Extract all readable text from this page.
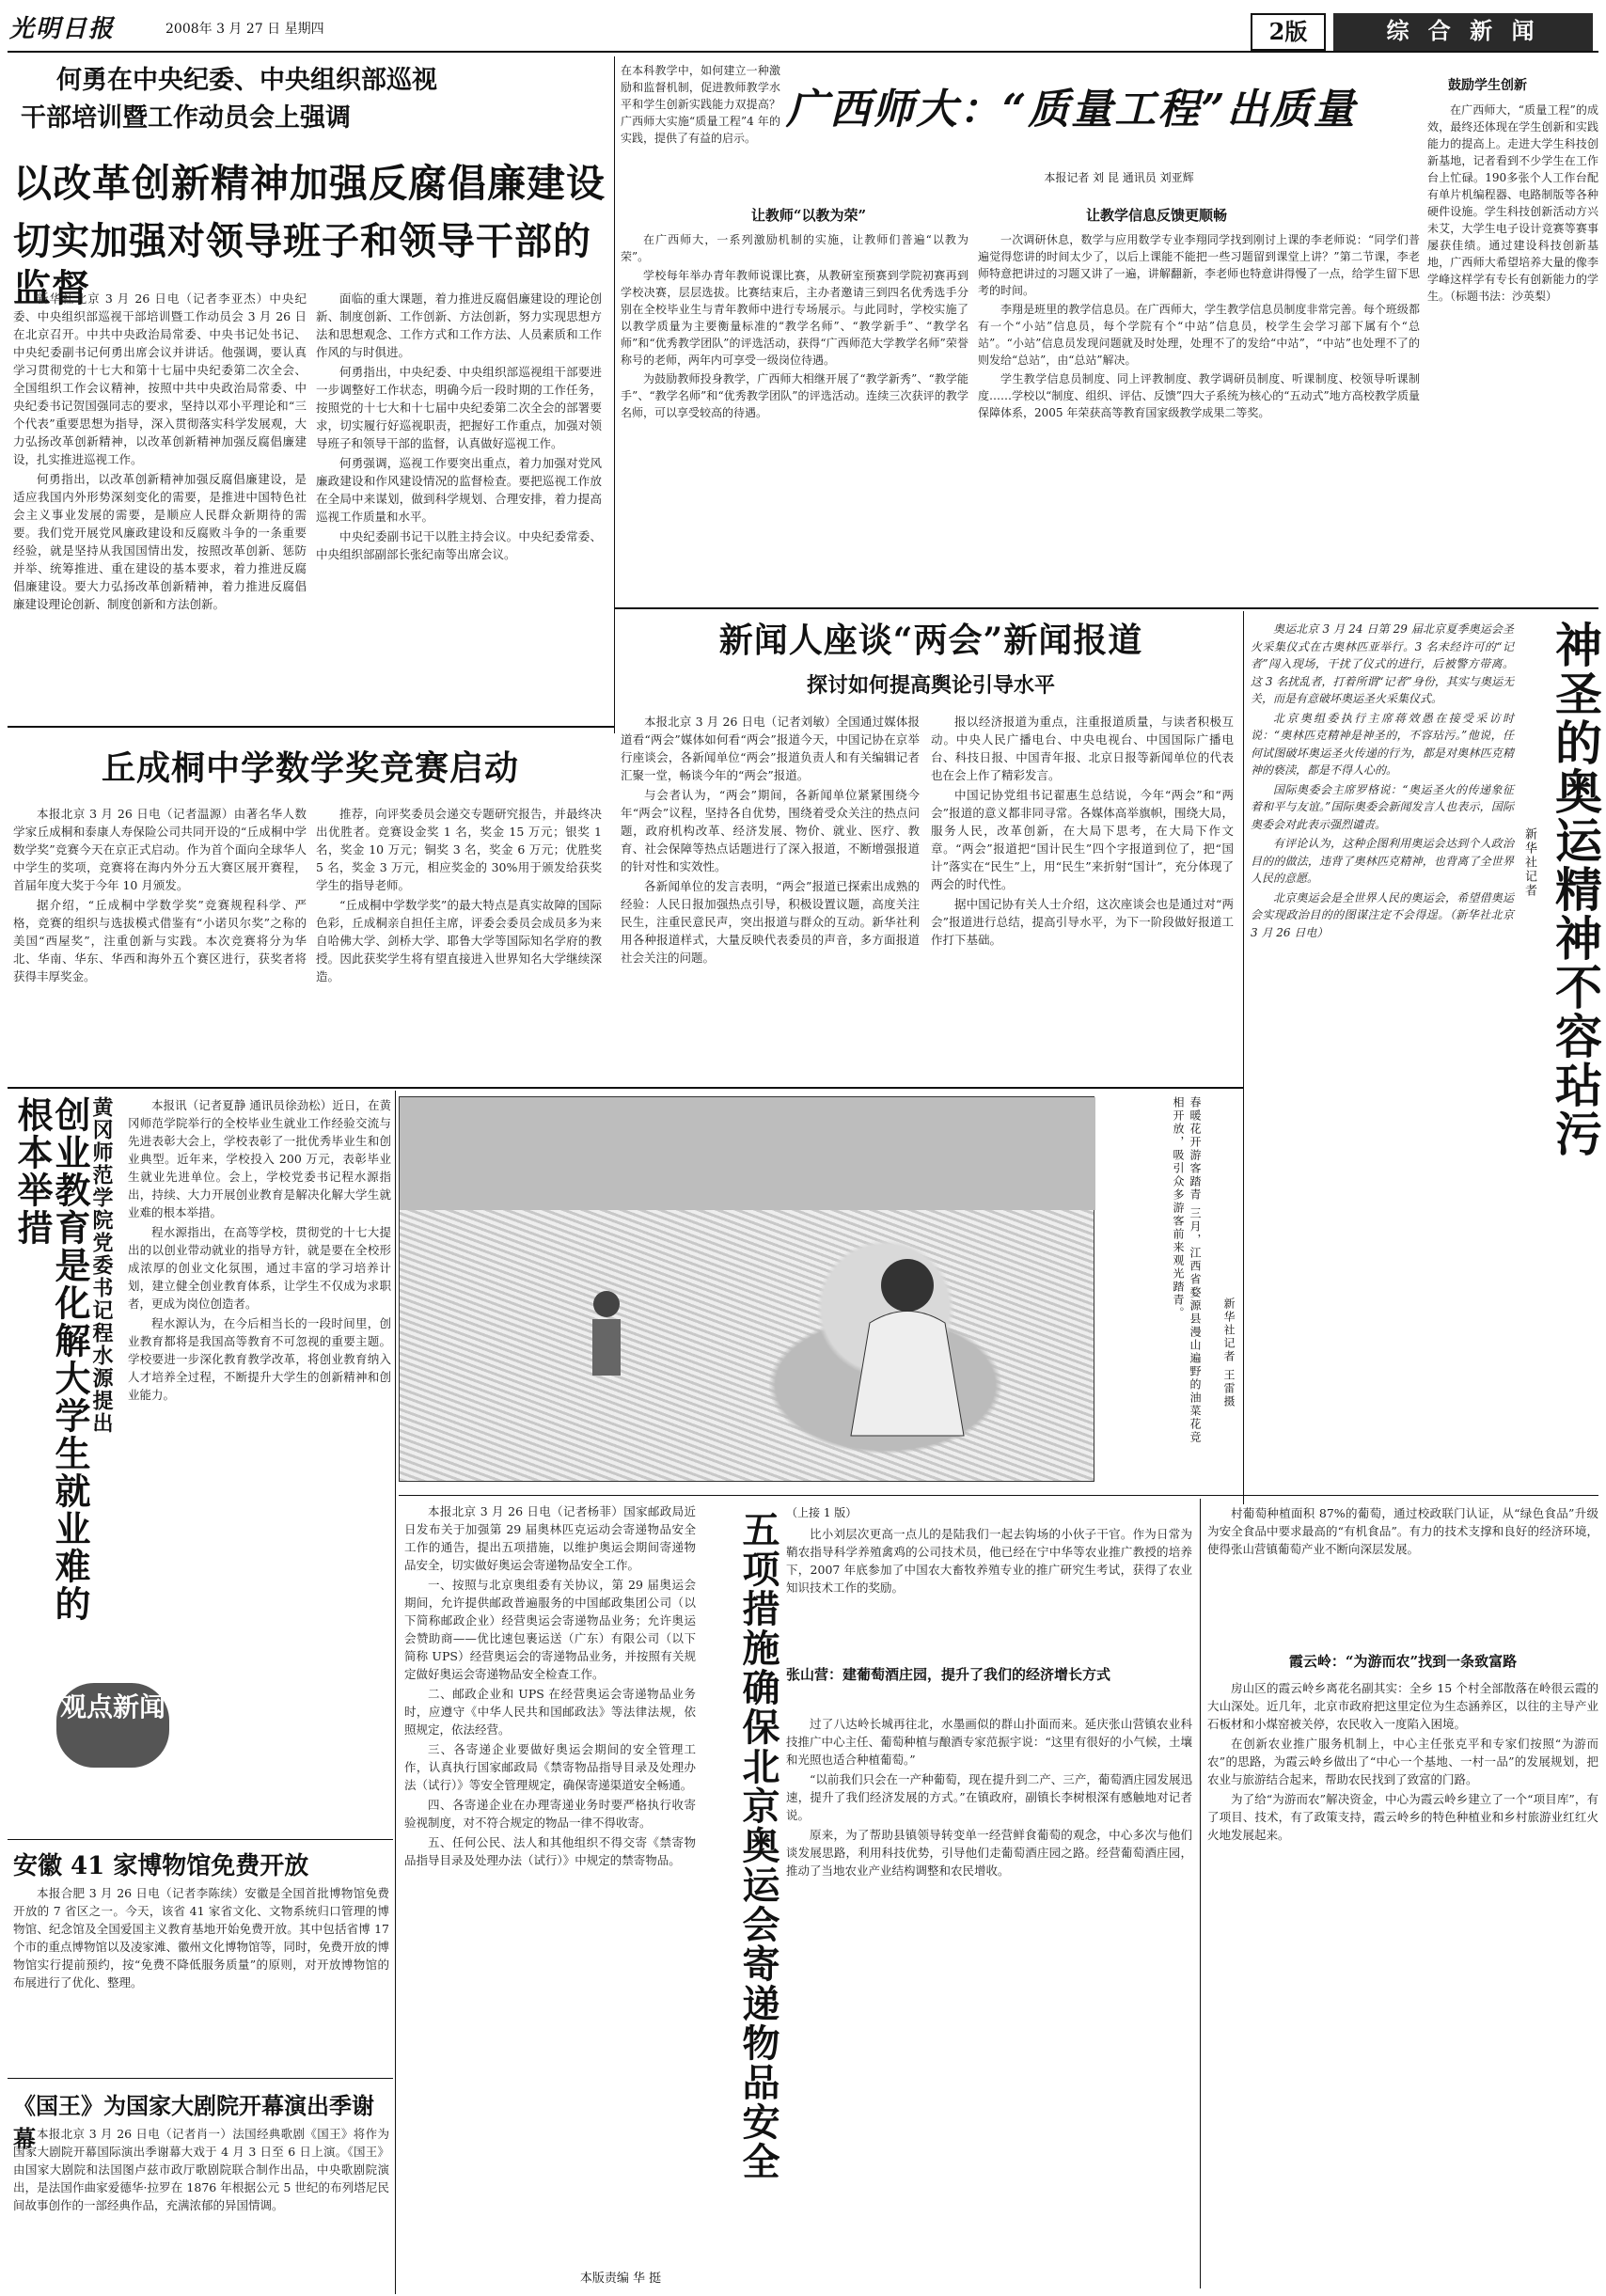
光明日报	2008年 3 月 27 日 星期四	2版	综 合 新 闻
何勇在中央纪委、中央组织部巡视
干部培训暨工作动员会上强调
以改革创新精神加强反腐倡廉建设
切实加强对领导班子和领导干部的监督

新华社北京 3 月 26 日电（记者李亚杰）中央纪委、中央组织部巡视干部培训暨工作动员会 3 月 26 日在北京召开。中共中央政治局常委、中央书记处书记、中央纪委副书记何勇出席会议并讲话。他强调，要认真学习贯彻党的十七大和第十七届中央纪委第二次全会、全国组织工作会议精神，按照中共中央政治局常委、中央纪委书记贺国强同志的要求，坚持以邓小平理论和“三个代表”重要思想为指导，深入贯彻落实科学发展观，大力弘扬改革创新精神，以改革创新精神加强反腐倡廉建设，扎实推进巡视工作。

何勇指出，以改革创新精神加强反腐倡廉建设，是适应我国内外形势深刻变化的需要，是推进中国特色社会主义事业发展的需要，是顺应人民群众新期待的需要。我们党开展党风廉政建设和反腐败斗争的一条重要经验，就是坚持从我国国情出发，按照改革创新、惩防并举、统筹推进、重在建设的基本要求，着力推进反腐倡廉建设。要大力弘扬改革创新精神，着力推进反腐倡廉建设理论创新、制度创新和方法创新。

面临的重大课题，着力推进反腐倡廉建设的理论创新、制度创新、工作创新、方法创新，努力实现思想方法和思想观念、工作方式和工作方法、人员素质和工作作风的与时俱进。

何勇指出，中央纪委、中央组织部巡视组干部要进一步调整好工作状态，明确今后一段时期的工作任务，按照党的十七大和十七届中央纪委第二次全会的部署要求，切实履行好巡视职责，把握好工作重点，加强对领导班子和领导干部的监督，认真做好巡视工作。

何勇强调，巡视工作要突出重点，着力加强对党风廉政建设和作风建设情况的监督检查。要把巡视工作放在全局中来谋划，做到科学规划、合理安排，着力提高巡视工作质量和水平。

中央纪委副书记干以胜主持会议。中央纪委常委、中央组织部副部长张纪南等出席会议。

在本科教学中，如何建立一种激励和监督机制，促进教师教学水平和学生创新实践能力双提高？广西师大实施“质量工程”4 年的实践，提供了有益的启示。
广西师大：“质量工程”出质量
本报记者 刘 昆 通讯员 刘亚辉
鼓励学生创新
在广西师大，“质量工程”的成效，最终还体现在学生创新和实践能力的提高上。走进大学生科技创新基地，记者看到不少学生在工作台上忙碌。190多张个人工作台配有单片机编程器、电路制版等各种硬件设施。学生科技创新活动方兴未艾，大学生电子设计竞赛等赛事屡获佳绩。通过建设科技创新基地，广西师大希望培养大量的像李学峰这样学有专长有创新能力的学生。（标题书法：沙英梨）
让教师“以教为荣”

在广西师大，一系列激励机制的实施，让教师们普遍“以教为荣”。

学校每年举办青年教师说课比赛，从教研室预赛到学院初赛再到学校决赛，层层选拔。比赛结束后，主办者邀请三到四名优秀选手分别在全校毕业生与青年教师中进行专场展示。与此同时，学校实施了以教学质量为主要衡量标准的“教学名师”、“教学新手”、“教学名师”和“优秀教学团队”的评选活动，获得“广西师范大学教学名师”荣誉称号的老师，两年内可享受一级岗位待遇。

为鼓励教师投身教学，广西师大相继开展了“教学新秀”、“教学能手”、“教学名师”和“优秀教学团队”的评选活动。连续三次获评的教学名师，可以享受较高的待遇。

让教学信息反馈更顺畅

一次调研休息，数学与应用数学专业李翔同学找到刚讨上课的李老师说：“同学们普遍觉得您讲的时间太少了，以后上课能不能把一些习题留到课堂上讲？”第二节课，李老师特意把讲过的习题又讲了一遍，讲解翻新，李老师也特意讲得慢了一点，给学生留下思考的时间。

李翔是班里的教学信息员。在广西师大，学生教学信息员制度非常完善。每个班级都有一个“小站”信息员，每个学院有个“中站”信息员，校学生会学习部下属有个“总站”。“小站”信息员发现问题就及时处理，处理不了的发给“中站”，“中站”也处理不了的则发给“总站”，由“总站”解决。

学生教学信息员制度、同上评教制度、教学调研员制度、听课制度、校领导听课制度……学校以“制度、组织、评估、反馈”四大子系统为核心的“五动式”地方高校教学质量保障体系，2005 年荣获高等教育国家级教学成果二等奖。

新闻人座谈“两会”新闻报道
探讨如何提高舆论引导水平

本报北京 3 月 26 日电（记者刘敏）全国通过媒体报道看“两会”媒体如何看“两会”报道今天，中国记协在京举行座谈会，各新闻单位“两会”报道负责人和有关编辑记者汇聚一堂，畅谈今年的“两会”报道。

与会者认为，“两会”期间，各新闻单位紧紧围绕今年“两会”议程，坚持各自优势，围绕着受众关注的热点问题，政府机构改革、经济发展、物价、就业、医疗、教育、社会保障等热点话题进行了深入报道，不断增强报道的针对性和实效性。

各新闻单位的发言表明，“两会”报道已探索出成熟的经验：人民日报加强热点引导，积极设置议题，高度关注民生，注重民意民声，突出报道与群众的互动。新华社利用各种报道样式，大量反映代表委员的声音，多方面报道社会关注的问题。

报以经济报道为重点，注重报道质量，与读者积极互动。中央人民广播电台、中央电视台、中国国际广播电台、科技日报、中国青年报、北京日报等新闻单位的代表也在会上作了精彩发言。

中国记协党组书记翟惠生总结说，今年“两会”和“两会”报道的意义都非同寻常。各媒体高举旗帜，围绕大局，服务人民，改革创新，在大局下思考，在大局下作文章。“两会”报道把“国计民生”四个字报道到位了，把“国计”落实在“民生”上，用“民生”来折射“国计”，充分体现了两会的时代性。

据中国记协有关人士介绍，这次座谈会也是通过对“两会”报道进行总结，提高引导水平，为下一阶段做好报道工作打下基础。	神圣的奥运精神不容玷污
新华社记者

奥运北京 3 月 24 日第 29 届北京夏季奥运会圣火采集仪式在古奥林匹亚举行。3 名未经许可的“记者”闯入现场，干扰了仪式的进行，后被警方带离。这 3 名扰乱者，打着所谓“记者”身份，其实与奥运无关，而是有意破坏奥运圣火采集仪式。

北京奥组委执行主席蒋效愚在接受采访时说：“奥林匹克精神是神圣的，不容玷污。”他说，任何试图破坏奥运圣火传递的行为，都是对奥林匹克精神的亵渎，都是不得人心的。

国际奥委会主席罗格说：“奥运圣火的传递象征着和平与友谊。”国际奥委会新闻发言人也表示，国际奥委会对此表示强烈谴责。

有评论认为，这种企图利用奥运会达到个人政治目的的做法，违背了奥林匹克精神，也背离了全世界人民的意愿。

北京奥运会是全世界人民的奥运会，希望借奥运会实现政治目的的图谋注定不会得逞。（新华社北京 3 月 26 日电）

丘成桐中学数学奖竞赛启动

本报北京 3 月 26 日电（记者温源）由著名华人数学家丘成桐和泰康人寿保险公司共同开设的“丘成桐中学数学奖”竞赛今天在京正式启动。作为首个面向全球华人中学生的奖项，竞赛将在海内外分五大赛区展开赛程，首届年度大奖于今年 10 月颁发。

据介绍，“丘成桐中学数学奖”竞赛规程科学、严格，竞赛的组织与选拔模式借鉴有“小诺贝尔奖”之称的美国“西屋奖”，注重创新与实践。本次竞赛将分为华北、华南、华东、华西和海外五个赛区进行，获奖者将获得丰厚奖金。

推荐，向评奖委员会递交专题研究报告，并最终决出优胜者。竞赛设金奖 1 名，奖金 15 万元；银奖 1 名，奖金 10 万元；铜奖 3 名，奖金 6 万元；优胜奖 5 名，奖金 3 万元，相应奖金的 30%用于颁发给获奖学生的指导老师。

“丘成桐中学数学奖”的最大特点是真实故障的国际色彩，丘成桐亲自担任主席，评委会委员会成员多为来自哈佛大学、剑桥大学、耶鲁大学等国际知名学府的教授。因此获奖学生将有望直接进入世界知名大学继续深造。

黄冈师范学院党委书记程水源提出
创业教育是化解大学生就业难的根本举措	本报讯（记者夏静 通讯员徐劲松）近日，在黄冈师范学院举行的全校毕业生就业工作经验交流与先进表彰大会上，学校表彰了一批优秀毕业生和创业典型。近年来，学校投入 200 万元，表彰毕业生就业先进单位。会上，学校党委书记程水源指出，持续、大力开展创业教育是解决化解大学生就业难的根本举措。

程水源指出，在高等学校，贯彻党的十七大提出的以创业带动就业的指导方针，就是要在全校形成浓厚的创业文化氛围，通过丰富的学习培养计划，建立健全创业教育体系，让学生不仅成为求职者，更成为岗位创造者。

程水源认为，在今后相当长的一段时间里，创业教育都将是我国高等教育不可忽视的重要主题。学校要进一步深化教育教学改革，将创业教育纳入人才培养全过程，不断提升大学生的创新精神和创业能力。

观点新闻
春暖花开游客踏青 三月，江西省婺源县漫山遍野的油菜花竞相开放，吸引众多游客前来观光踏青。
新华社记者 王雷摄
安徽 41 家博物馆免费开放
本报合肥 3 月 26 日电（记者李陈续）安徽是全国首批博物馆免费开放的 7 省区之一。今天，该省 41 家省文化、文物系统归口管理的博物馆、纪念馆及全国爱国主义教育基地开始免费开放。其中包括省博 17 个市的重点博物馆以及凌家滩、徽州文化博物馆等，同时，免费开放的博物馆实行提前预约，按“免费不降低服务质量”的原则，对开放博物馆的布展进行了优化、整理。
《国王》为国家大剧院开幕演出季谢幕 本报北京 3 月 26 日电（记者肖一）法国经典歌剧《国王》将作为国家大剧院开幕国际演出季谢幕大戏于 4 月 3 日至 6 日上演。《国王》由国家大剧院和法国图卢兹市政厅歌剧院联合制作出品，中央歌剧院演出，是法国作曲家爱德华·拉罗在 1876 年根据公元 5 世纪的布列塔尼民间故事创作的一部经典作品，充满浓郁的异国情调。

本报北京 3 月 26 日电（记者杨菲）国家邮政局近日发布关于加强第 29 届奥林匹克运动会寄递物品安全工作的通告，提出五项措施，以维护奥运会期间寄递物品安全，切实做好奥运会寄递物品安全工作。

一、按照与北京奥组委有关协议，第 29 届奥运会期间，允许提供邮政普遍服务的中国邮政集团公司（以下简称邮政企业）经营奥运会寄递物品业务；允许奥运会赞助商——优比速包裹运送（广东）有限公司（以下简称 UPS）经营奥运会的寄递物品业务，并按照有关规定做好奥运会寄递物品安全检查工作。

二、邮政企业和 UPS 在经营奥运会寄递物品业务时，应遵守《中华人民共和国邮政法》等法律法规，依照规定，依法经营。

三、各寄递企业要做好奥运会期间的安全管理工作，认真执行国家邮政局《禁寄物品指导目录及处理办法（试行）》等安全管理规定，确保寄递渠道安全畅通。

四、各寄递企业在办理寄递业务时要严格执行收寄验视制度，对不符合规定的物品一律不得收寄。

五、任何公民、法人和其他组织不得交寄《禁寄物品指导目录及处理办法（试行）》中规定的禁寄物品。	五项措施确保北京奥运会寄递物品安全
本版责编 华 挺
（上接 1 版）
比小刘层次更高一点儿的是陆我们一起去钩场的小伙子干官。作为日常为鞘农指导科学养殖禽鸡的公司技术员，他已经在宁中华等农业推广教授的培养下，2007 年底参加了中国农大畜牧养殖专业的推广研究生考试，获得了农业知识技术工作的奖励。
张山营：建葡萄酒庄园，提升了我们的经济增长方式

过了八达岭长城再往北，水墨画似的群山扑面而来。延庆张山营镇农业科技推广中心主任、葡萄种植与酿酒专家范振宇说：“这里有很好的小气候，土壤和光照也适合种植葡萄。”

“以前我们只会在一产种葡萄，现在提升到二产、三产，葡萄酒庄园发展迅速，提升了我们经济发展的方式。”在镇政府，副镇长李树根深有感触地对记者说。

原来，为了帮助县镇领导转变单一经营鲜食葡萄的观念，中心多次与他们谈发展思路，利用科技优势，引导他们走葡萄酒庄园之路。经营葡萄酒庄园，推动了当地农业产业结构调整和农民增收。

村葡萄种植面积 87%的葡萄，通过校政联门认证，从“绿色食品”升级为安全食品中要求最高的“有机食品”。有力的技术支撑和良好的经济环境，使得张山营镇葡萄产业不断向深层发展。
霞云岭：“为游而农”找到一条致富路

房山区的霞云岭乡离花名副其实：全乡 15 个村全部散落在岭很云霞的大山深处。近几年，北京市政府把这里定位为生态涵养区，以往的主导产业石板材和小煤窑被关停，农民收入一度陷入困境。

在创新农业推广服务机制上，中心主任张克平和专家们按照“为游而农”的思路，为霞云岭乡做出了“中心一个基地、一村一品”的发展规划，把农业与旅游结合起来，帮助农民找到了致富的门路。

为了给“为游而农”解决资金，中心为霞云岭乡建立了一个“项目库”，有了项目、技术，有了政策支持，霞云岭乡的特色种植业和乡村旅游业红红火火地发展起来。
